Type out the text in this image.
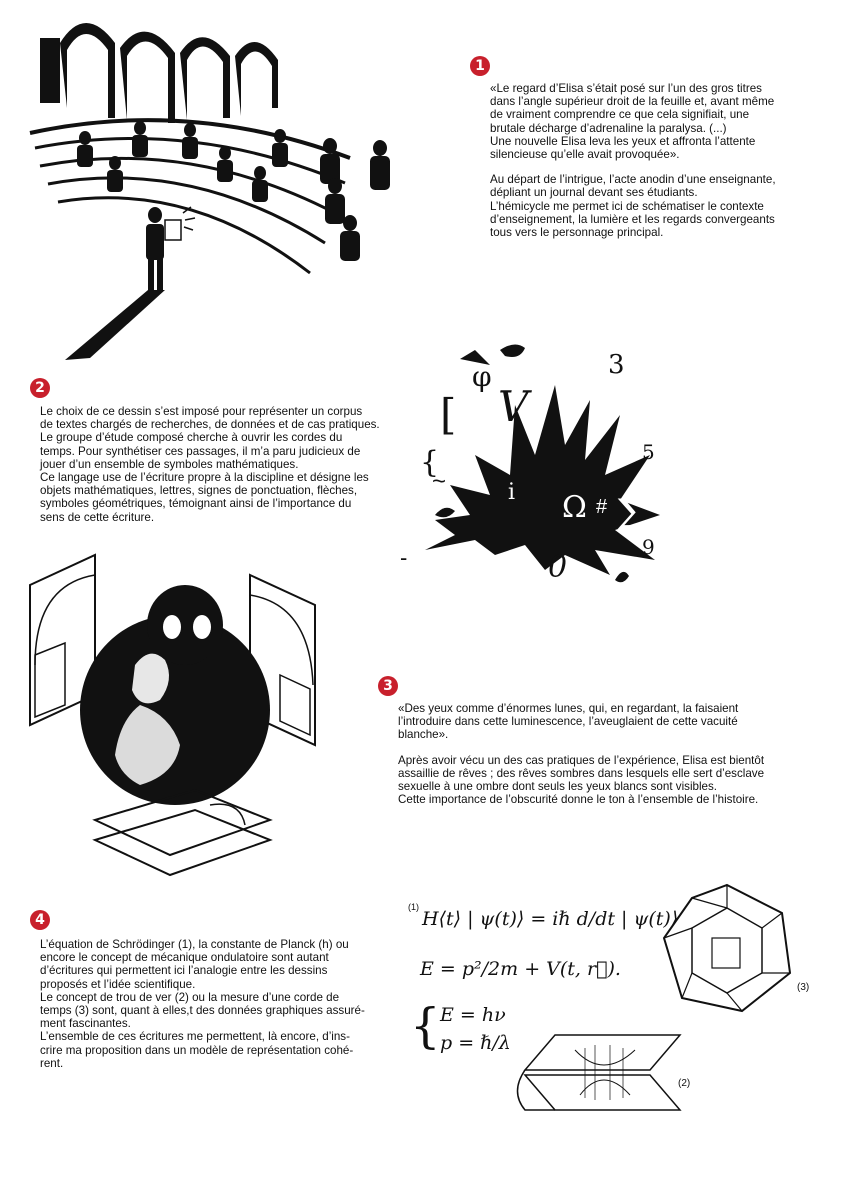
1

«Le regard d’Elisa s’était posé sur l’un des gros titres
dans l’angle supérieur droit de la feuille et, avant même
de vraiment comprendre ce que cela signifiait, une
brutale décharge d’adrenaline la paralysa. (...)
Une nouvelle Elisa leva les yeux et affronta l’attente
silencieuse qu’elle avait provoquée».

Au départ de l’intrigue, l’acte anodin d’une enseignante,
dépliant un journal devant ses étudiants.
L’hémicycle me permet ici de schématiser le contexte
d’enseignement, la lumière et les regards convergeants
tous vers le personnage principal.

2

Le choix de ce dessin s’est imposé pour représenter un corpus
de textes chargés de recherches, de données et de cas pratiques.
Le groupe d’étude composé cherche à ouvrir les cordes du
temps. Pour synthétiser ces passages, il m’a paru judicieux de
jouer d’un ensemble de symboles mathématiques.
Ce langage use de l’écriture propre à la discipline et désigne les
objets mathématiques, lettres, signes de ponctuation, flèches,
symboles géométriques, témoignant ainsi de l’importance du
sens de cette écriture.

φ	3
[ V	ß
5
{
~	i Ω # Σ
9
0
-
3

«Des yeux comme d’énormes lunes, qui, en regardant, la faisaient
l’introduire dans cette luminescence, l’aveuglaient de cette vacuité
blanche».

Après avoir vécu un des cas pratiques de l’expérience, Elisa est bientôt
assaillie de rêves ; des rêves sombres dans lesquels elle sert d’esclave
sexuelle à une ombre dont seuls les yeux blancs sont visibles.
Cette importance de l’obscurité donne le ton à l’ensemble de l’histoire.

4

L’équation de Schrödinger (1), la constante de Planck (h) ou
encore le concept de mécanique ondulatoire sont autant
d’écritures qui permettent ici l’analogie entre les dessins
proposés et l’idée scientifique.
Le concept de trou de ver (2) ou la mesure d’une corde de
temps (3) sont, quant à elles,t des données graphiques assuré-
ment fascinantes.
L’ensemble de ces écritures me permettent, là encore, d’ins-
crire ma proposition dans un modèle de représentation cohé-
rent.

(1)
H⟨t⟩ | ψ(t)⟩ = iℏ d/dt | ψ(t)⟩
E = p²/2m + V(t, r⃗).
{ E = hν
p = ℏ/λ
(2)
(3)
